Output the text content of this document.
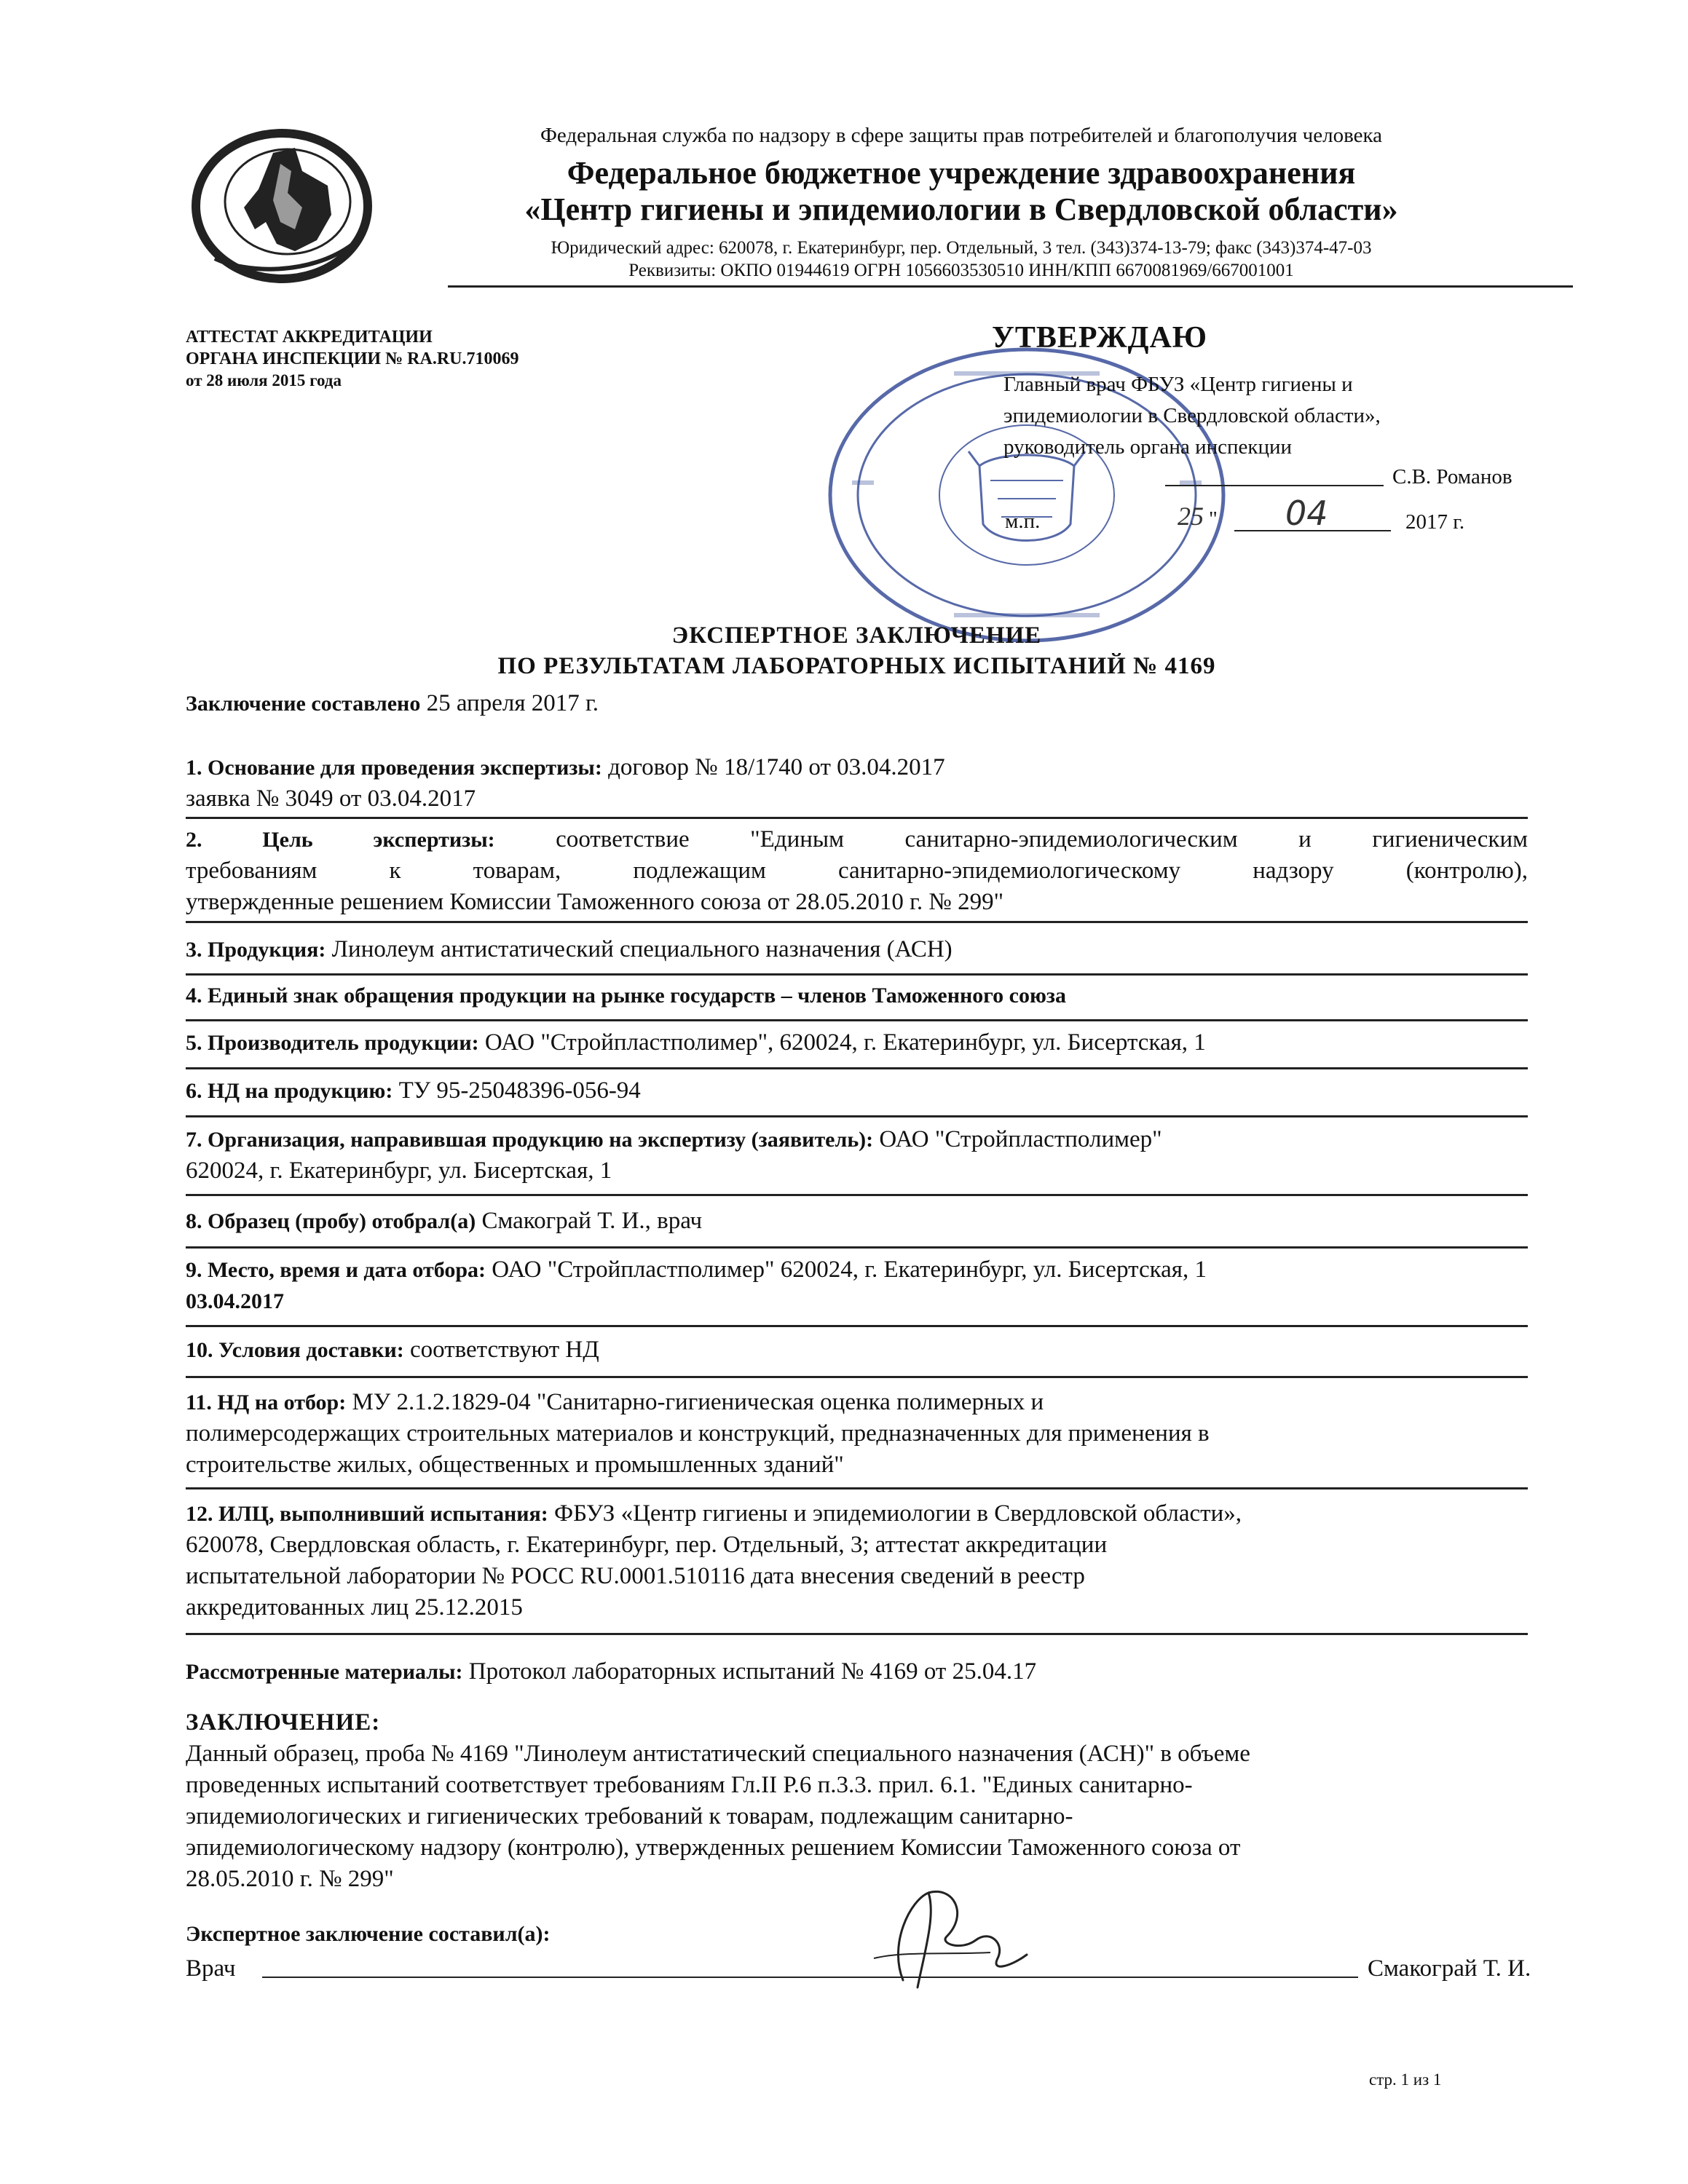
Федеральная служба по надзору в сфере защиты прав потребителей и благополучия человека
Федеральное бюджетное учреждение здравоохранения
«Центр гигиены и эпидемиологии в Свердловской области»
Юридический адрес: 620078, г. Екатеринбург, пер. Отдельный, 3 тел. (343)374-13-79; факс (343)374-47-03
Реквизиты: ОКПО 01944619 ОГРН 1056603530510 ИНН/КПП 6670081969/667001001
АТТЕСТАТ АККРЕДИТАЦИИ
ОРГАНА ИНСПЕКЦИИ № RA.RU.710069
от 28 июля 2015 года
УТВЕРЖДАЮ
Главный врач ФБУЗ «Центр гигиены и
эпидемиологии в Свердловской области»,
руководитель органа инспекции
С.В. Романов
м.п.	25 " 04	2017 г.
ЭКСПЕРТНОЕ ЗАКЛЮЧЕНИЕ
ПО РЕЗУЛЬТАТАМ ЛАБОРАТОРНЫХ ИСПЫТАНИЙ № 4169
Заключение составлено 25 апреля 2017 г.
1. Основание для проведения экспертизы: договор № 18/1740 от 03.04.2017
заявка № 3049 от 03.04.2017
2. Цель экспертизы:	соответствие "Единым санитарно-эпидемиологическим и гигиеническим
требованиям к товарам, подлежащим санитарно-эпидемиологическому надзору (контролю),
утвержденные решением Комиссии Таможенного союза от 28.05.2010 г. № 299"
3. Продукция: Линолеум антистатический специального назначения (АСН)
4. Единый знак обращения продукции на рынке государств – членов Таможенного союза
5. Производитель продукции: ОАО "Стройпластполимер", 620024, г. Екатеринбург, ул. Бисертская, 1
6. НД на продукцию: ТУ 95-25048396-056-94
7. Организация, направившая продукцию на экспертизу (заявитель): ОАО "Стройпластполимер"
620024, г. Екатеринбург, ул. Бисертская, 1
8. Образец (пробу) отобрал(а) Смакограй Т. И., врач
9. Место, время и дата отбора: ОАО "Стройпластполимер" 620024, г. Екатеринбург, ул. Бисертская, 1
03.04.2017
10. Условия доставки: соответствуют НД
11. НД на отбор: МУ 2.1.2.1829-04 "Санитарно-гигиеническая оценка полимерных и
полимерсодержащих строительных материалов и конструкций, предназначенных для применения в
строительстве жилых, общественных и промышленных зданий"
12. ИЛЦ, выполнивший испытания: ФБУЗ «Центр гигиены и эпидемиологии в Свердловской области»,
620078, Свердловская область, г. Екатеринбург, пер. Отдельный, 3; аттестат аккредитации
испытательной лаборатории № РОСС RU.0001.510116 дата внесения сведений в реестр
аккредитованных лиц 25.12.2015
Рассмотренные материалы: Протокол лабораторных испытаний № 4169 от 25.04.17
ЗАКЛЮЧЕНИЕ:
Данный образец, проба № 4169 "Линолеум антистатический специального назначения (АСН)" в объеме
проведенных испытаний соответствует требованиям Гл.II Р.6 п.3.3. прил. 6.1. "Единых санитарно-
эпидемиологических и гигиенических требований к товарам, подлежащим санитарно-
эпидемиологическому надзору (контролю), утвержденных решением Комиссии Таможенного союза от
28.05.2010 г. № 299"
Экспертное заключение составил(а):
Врач	Смакограй Т. И.
стр. 1 из 1
